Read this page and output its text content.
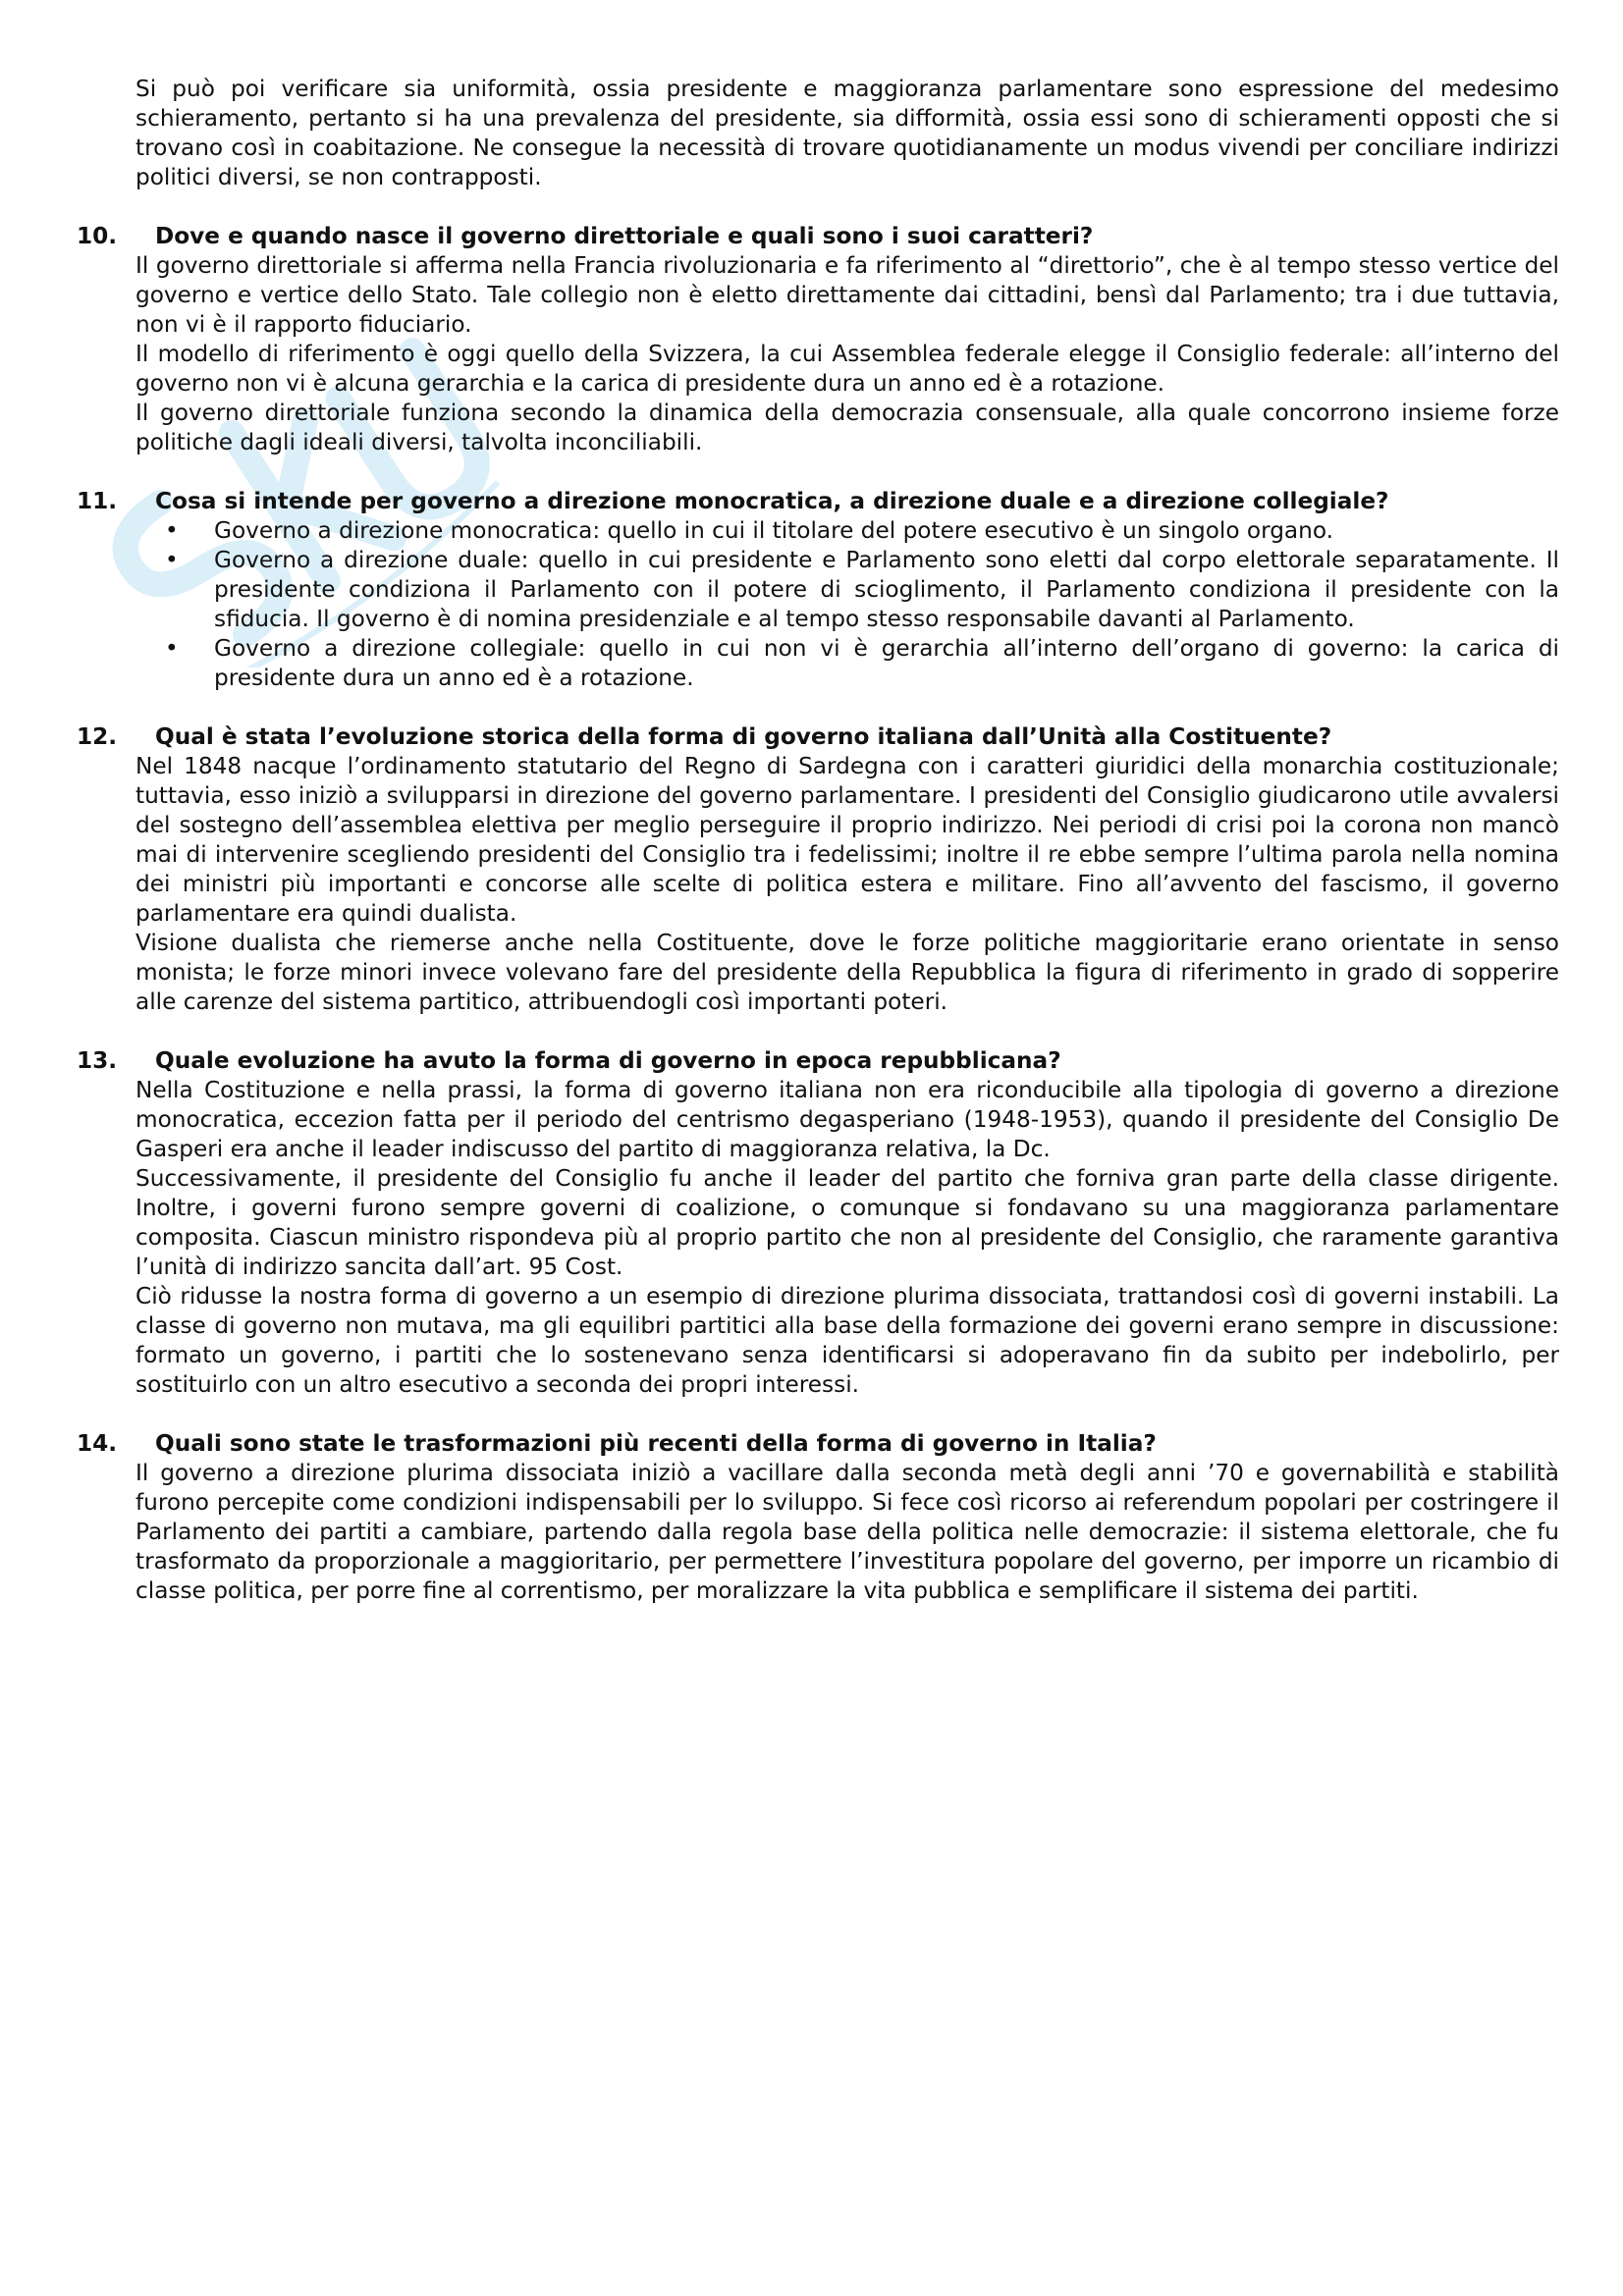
Si può poi verificare sia uniformità, ossia presidente e maggioranza parlamentare sono espressione del medesimo schieramento, pertanto si ha una prevalenza del presidente, sia difformità, ossia essi sono di schieramenti opposti che si trovano così in coabitazione. Ne consegue la necessità di trovare quotidianamente un modus vivendi per conciliare indirizzi politici diversi, se non contrapposti.

10.	Dove e quando nasce il governo direttoriale e quali sono i suoi caratteri?

Il governo direttoriale si afferma nella Francia rivoluzionaria e fa riferimento al “direttorio”, che è al tempo stesso vertice del governo e vertice dello Stato. Tale collegio non è eletto direttamente dai cittadini, bensì dal Parlamento; tra i due tuttavia, non vi è il rapporto fiduciario.

Il modello di riferimento è oggi quello della Svizzera, la cui Assemblea federale elegge il Consiglio federale: all’interno del governo non vi è alcuna gerarchia e la carica di presidente dura un anno ed è a rotazione.

Il governo direttoriale funziona secondo la dinamica della democrazia consensuale, alla quale concorrono insieme forze politiche dagli ideali diversi, talvolta inconciliabili.

11.	Cosa si intende per governo a direzione monocratica, a direzione duale e a direzione collegiale?
• Governo a direzione monocratica: quello in cui il titolare del potere esecutivo è un singolo organo.
• Governo a direzione duale: quello in cui presidente e Parlamento sono eletti dal corpo elettorale separatamente. Il presidente condiziona il Parlamento con il potere di scioglimento, il Parlamento condiziona il presidente con la sfiducia. Il governo è di nomina presidenziale e al tempo stesso responsabile davanti al Parlamento.
• Governo a direzione collegiale: quello in cui non vi è gerarchia all’interno dell’organo di governo: la carica di presidente dura un anno ed è a rotazione.
12.	Qual è stata l’evoluzione storica della forma di governo italiana dall’Unità alla Costituente?

Nel 1848 nacque l’ordinamento statutario del Regno di Sardegna con i caratteri giuridici della monarchia costituzionale; tuttavia, esso iniziò a svilupparsi in direzione del governo parlamentare. I presidenti del Consiglio giudicarono utile avvalersi del sostegno dell’assemblea elettiva per meglio perseguire il proprio indirizzo. Nei periodi di crisi poi la corona non mancò mai di intervenire scegliendo presidenti del Consiglio tra i fedelissimi; inoltre il re ebbe sempre l’ultima parola nella nomina dei ministri più importanti e concorse alle scelte di politica estera e militare. Fino all’avvento del fascismo, il governo parlamentare era quindi dualista.

Visione dualista che riemerse anche nella Costituente, dove le forze politiche maggioritarie erano orientate in senso monista; le forze minori invece volevano fare del presidente della Repubblica la figura di riferimento in grado di sopperire alle carenze del sistema partitico, attribuendogli così importanti poteri.

13.	Quale evoluzione ha avuto la forma di governo in epoca repubblicana?

Nella Costituzione e nella prassi, la forma di governo italiana non era riconducibile alla tipologia di governo a direzione monocratica, eccezion fatta per il periodo del centrismo degasperiano (1948-1953), quando il presidente del Consiglio De Gasperi era anche il leader indiscusso del partito di maggioranza relativa, la Dc.

Successivamente, il presidente del Consiglio fu anche il leader del partito che forniva gran parte della classe dirigente. Inoltre, i governi furono sempre governi di coalizione, o comunque si fondavano su una maggioranza parlamentare composita. Ciascun ministro rispondeva più al proprio partito che non al presidente del Consiglio, che raramente garantiva l’unità di indirizzo sancita dall’art. 95 Cost.

Ciò ridusse la nostra forma di governo a un esempio di direzione plurima dissociata, trattandosi così di governi instabili. La classe di governo non mutava, ma gli equilibri partitici alla base della formazione dei governi erano sempre in discussione: formato un governo, i partiti che lo sostenevano senza identificarsi si adoperavano fin da subito per indebolirlo, per sostituirlo con un altro esecutivo a seconda dei propri interessi.

14.	Quali sono state le trasformazioni più recenti della forma di governo in Italia?

Il governo a direzione plurima dissociata iniziò a vacillare dalla seconda metà degli anni ’70 e governabilità e stabilità furono percepite come condizioni indispensabili per lo sviluppo. Si fece così ricorso ai referendum popolari per costringere il Parlamento dei partiti a cambiare, partendo dalla regola base della politica nelle democrazie: il sistema elettorale, che fu trasformato da proporzionale a maggioritario, per permettere l’investitura popolare del governo, per imporre un ricambio di classe politica, per porre fine al correntismo, per moralizzare la vita pubblica e semplificare il sistema dei partiti.
